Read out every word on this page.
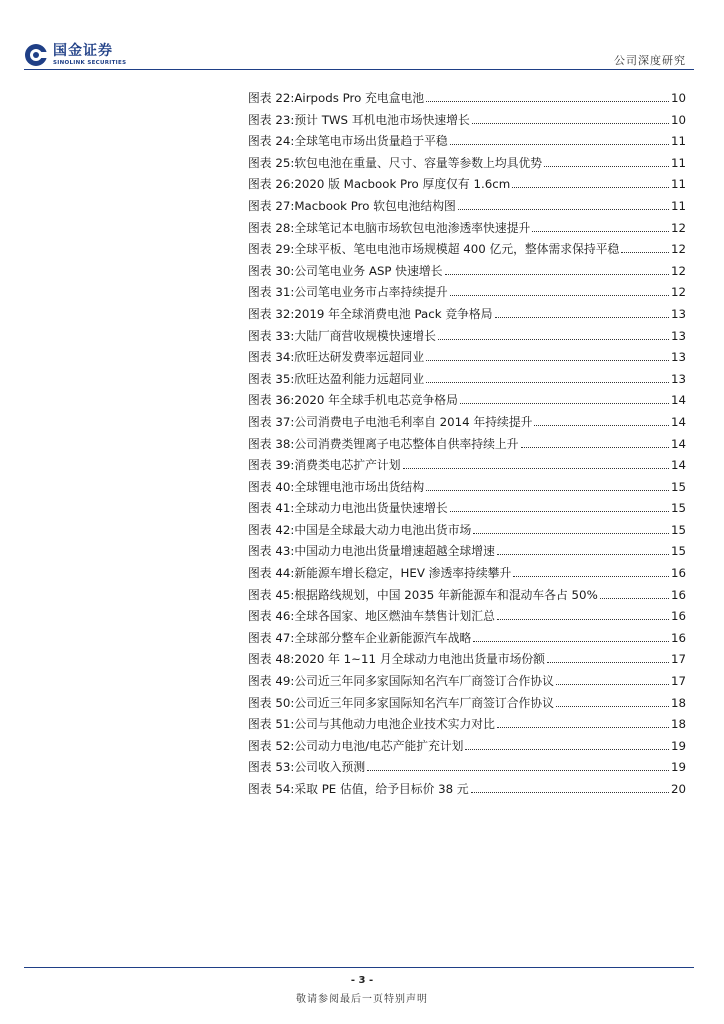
国金证券
SINOLINK SECURITIES	公司深度研究
图表 22: Airpods Pro 充电盒电池	10
图表 23: 预计 TWS 耳机电池市场快速增长	10
图表 24: 全球笔电市场出货量趋于平稳	11
图表 25: 软包电池在重量、尺寸、容量等参数上均具优势	11
图表 26: 2020 版 Macbook Pro 厚度仅有 1.6cm	11
图表 27: Macbook Pro 软包电池结构图	11
图表 28: 全球笔记本电脑市场软包电池渗透率快速提升	12
图表 29: 全球平板、笔电电池市场规模超 400 亿元，整体需求保持平稳	12
图表 30: 公司笔电业务 ASP 快速增长	12
图表 31: 公司笔电业务市占率持续提升	12
图表 32: 2019 年全球消费电池 Pack 竞争格局	13
图表 33: 大陆厂商营收规模快速增长	13
图表 34: 欣旺达研发费率远超同业	13
图表 35: 欣旺达盈利能力远超同业	13
图表 36: 2020 年全球手机电芯竞争格局	14
图表 37: 公司消费电子电池毛利率自 2014 年持续提升	14
图表 38: 公司消费类锂离子电芯整体自供率持续上升	14
图表 39: 消费类电芯扩产计划	14
图表 40: 全球锂电池市场出货结构	15
图表 41: 全球动力电池出货量快速增长	15
图表 42: 中国是全球最大动力电池出货市场	15
图表 43: 中国动力电池出货量增速超越全球增速	15
图表 44: 新能源车增长稳定，HEV 渗透率持续攀升	16
图表 45: 根据路线规划，中国 2035 年新能源车和混动车各占 50%	16
图表 46: 全球各国家、地区燃油车禁售计划汇总	16
图表 47: 全球部分整车企业新能源汽车战略	16
图表 48: 2020 年 1~11 月全球动力电池出货量市场份额	17
图表 49: 公司近三年同多家国际知名汽车厂商签订合作协议	17
图表 50: 公司近三年同多家国际知名汽车厂商签订合作协议	18
图表 51: 公司与其他动力电池企业技术实力对比	18
图表 52: 公司动力电池/电芯产能扩充计划	19
图表 53: 公司收入预测	19
图表 54: 采取 PE 估值，给予目标价 38 元	20
- 3 -
敬请参阅最后一页特别声明
